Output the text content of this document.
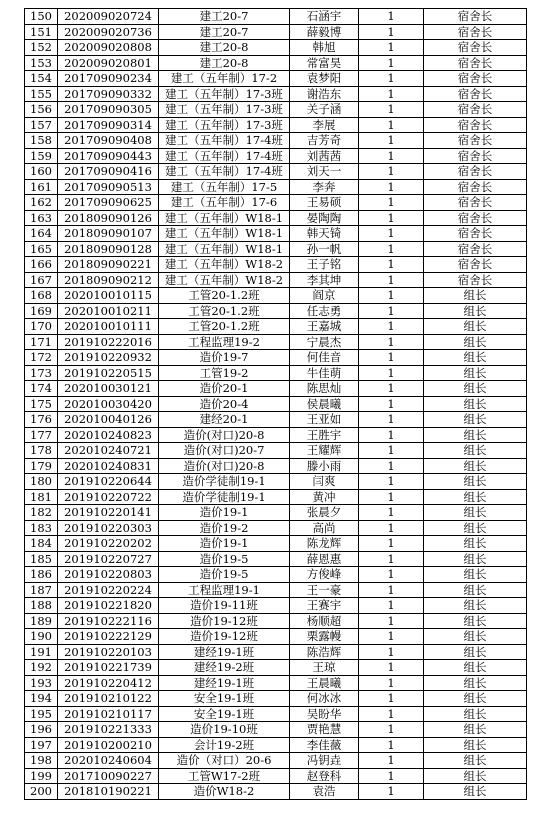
150	202009020724	建工20-7	石涵宇	1	宿舍长
151	202009020736	建工20-7	薛毅博	1	宿舍长
152	202009020808	建工20-8	韩旭	1	宿舍长
153	202009020801	建工20-8	常富昊	1	宿舍长
154	201709090234	建工（五年制）17-2	袁梦阳	1	宿舍长
155	201709090332	建工（五年制）17-3班	谢浩东	1	宿舍长
156	201709090305	建工（五年制）17-3班	关子涵	1	宿舍长
157	201709090314	建工（五年制）17-3班	李展	1	宿舍长
158	201709090408	建工（五年制）17-4班	吉芳奇	1	宿舍长
159	201709090443	建工（五年制）17-4班	刘茜茜	1	宿舍长
160	201709090416	建工（五年制）17-4班	刘天一	1	宿舍长
161	201709090513	建工（五年制）17-5	李奔	1	宿舍长
162	201709090625	建工（五年制）17-6	王易硕	1	宿舍长
163	201809090126	建工（五年制）W18-1	晏陶陶	1	宿舍长
164	201809090107	建工（五年制）W18-1	韩天锜	1	宿舍长
165	201809090128	建工（五年制）W18-1	孙一帆	1	宿舍长
166	201809090221	建工（五年制）W18-2	王子铭	1	宿舍长
167	201809090212	建工（五年制）W18-2	李其坤	1	宿舍长
168	202010010115	工管20-1.2班	阎京	1	组长
169	202010010211	工管20-1.2班	任志勇	1	组长
170	202010010111	工管20-1.2班	王嘉城	1	组长
171	201910222016	工程监理19-2	宁晨杰	1	组长
172	201910220932	造价19-7	何佳音	1	组长
173	201910220515	工管19-2	牛佳萌	1	组长
174	202010030121	造价20-1	陈思灿	1	组长
175	202010030420	造价20-4	侯晨曦	1	组长
176	202010040126	建经20-1	王亚如	1	组长
177	202010240823	造价(对口)20-8	王胜宇	1	组长
178	202010240721	造价(对口)20-7	王耀辉	1	组长
179	202010240831	造价(对口)20-8	滕小雨	1	组长
180	201910220644	造价学徒制19-1	闫爽	1	组长
181	201910220722	造价学徒制19-1	黄冲	1	组长
182	201910220141	造价19-1	张晨夕	1	组长
183	201910220303	造价19-2	高尚	1	组长
184	201910220202	造价19-1	陈龙辉	1	组长
185	201910220727	造价19-5	薛恩惠	1	组长
186	201910220803	造价19-5	方俊峰	1	组长
187	201910220224	工程监理19-1	王一豪	1	组长
188	201910221820	造价19-11班	王赛宇	1	组长
189	201910222116	造价19-12班	杨顺超	1	组长
190	201910222129	造价19-12班	栗露幔	1	组长
191	201910220103	建经19-1班	陈浩辉	1	组长
192	201910221739	建经19-2班	王琼	1	组长
193	201910220412	建经19-1班	王晨曦	1	组长
194	201910210122	安全19-1班	何冰冰	1	组长
195	201910210117	安全19-1班	吴盼华	1	组长
196	201910221333	造价19-10班	贾艳慧	1	组长
197	201910200210	会计19-2班	李佳薇	1	组长
198	202010240604	造价（对口）20-6	冯钥垚	1	组长
199	201710090227	工管W17-2班	赵登科	1	组长
200	201810190221	造价W18-2	袁浩	1	组长
